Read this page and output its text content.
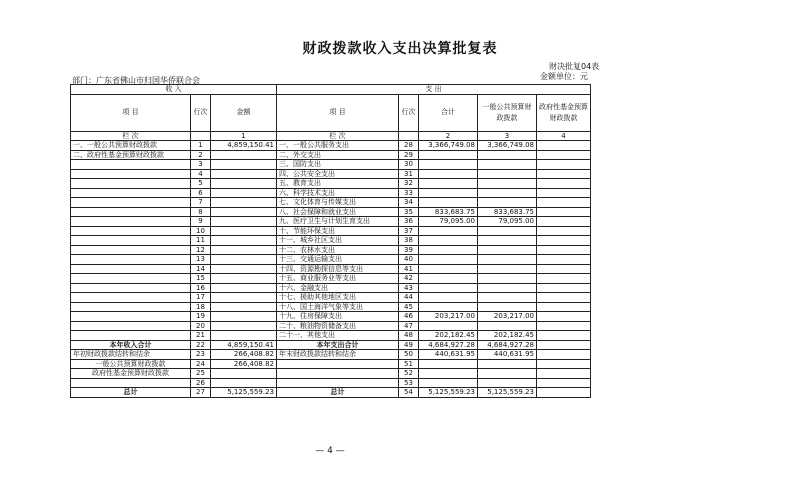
财政拨款收入支出决算批复表
财决批复04表
金额单位：元
部门：广东省佛山市归国华侨联合会
收 入			支 出				
项 目	行次	金额	项 目	行次	合计	一般公共预算财政拨款	政府性基金预算财政拨款
栏 次		1	栏 次		2	3	4
一、一般公共预算财政拨款	1	4,859,150.41	一、一般公共服务支出	28	3,366,749.08	3,366,749.08	
二、政府性基金预算财政拨款	2		二、外交支出	29			
	3		三、国防支出	30			
	4		四、公共安全支出	31			
	5		五、教育支出	32			
	6		六、科学技术支出	33			
	7		七、文化体育与传媒支出	34			
	8		八、社会保障和就业支出	35	833,683.75	833,683.75	
	9		九、医疗卫生与计划生育支出	36	79,095.00	79,095.00	
	10		十、节能环保支出	37			
	11		十一、城乡社区支出	38			
	12		十二、农林水支出	39			
	13		十三、交通运输支出	40			
	14		十四、资源勘探信息等支出	41			
	15		十五、商业服务业等支出	42			
	16		十六、金融支出	43			
	17		十七、援助其他地区支出	44			
	18		十八、国土海洋气象等支出	45			
	19		十九、住房保障支出	46	203,217.00	203,217.00	
	20		二十、粮油物资储备支出	47			
	21		二十一、其他支出	48	202,182.45	202,182.45	
本年收入合计	22	4,859,150.41	本年支出合计	49	4,684,927.28	4,684,927.28	
年初财政拨款结转和结余	23	266,408.82	年末财政拨款结转和结余	50	440,631.95	440,631.95	
一般公共预算财政拨款	24	266,408.82		51			
政府性基金预算财政拨款	25			52			
	26			53			
总计	27	5,125,559.23	总计	54	5,125,559.23	5,125,559.23	
— 4 —
